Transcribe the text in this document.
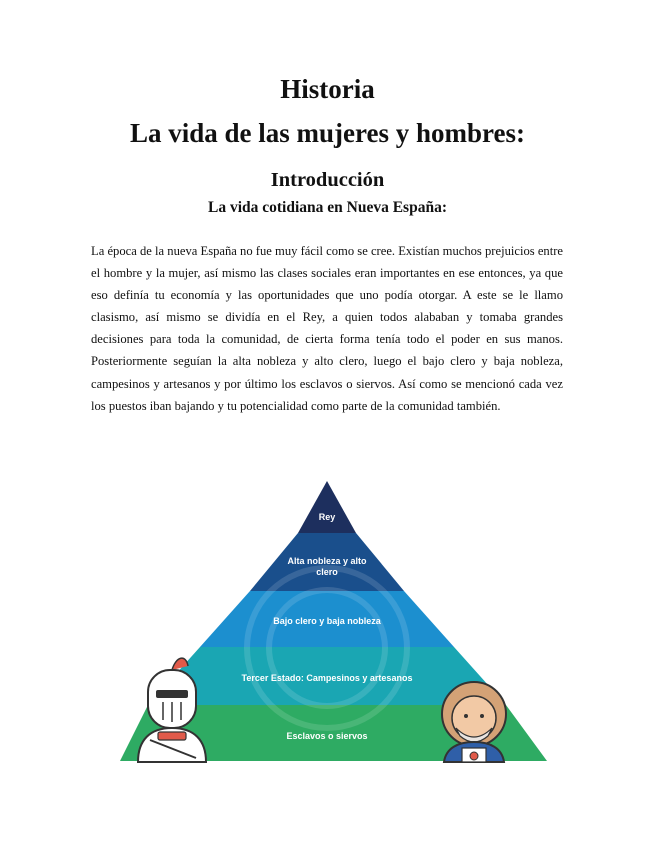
Historia
La vida de las mujeres y hombres:
Introducción
La vida cotidiana en Nueva España:

La época de la nueva España no fue muy fácil como se cree. Existían muchos prejuicios entre el hombre y la mujer, así mismo las clases sociales eran importantes en ese entonces, ya que eso definía tu economía y las oportunidades que uno podía otorgar. A este se le llamo clasismo, así mismo se dividía en el Rey, a quien todos alababan y tomaba grandes decisiones para toda la comunidad, de cierta forma tenía todo el poder en sus manos. Posteriormente seguían la alta nobleza y alto clero, luego el bajo clero y baja nobleza, campesinos y artesanos y por último los esclavos o siervos. Así como se mencionó cada vez los puestos iban bajando y tu potencialidad como parte de la comunidad también.

Rey
Alta nobleza y alto
clero
Bajo clero y baja nobleza
Tercer Estado: Campesinos y artesanos
Esclavos o siervos
